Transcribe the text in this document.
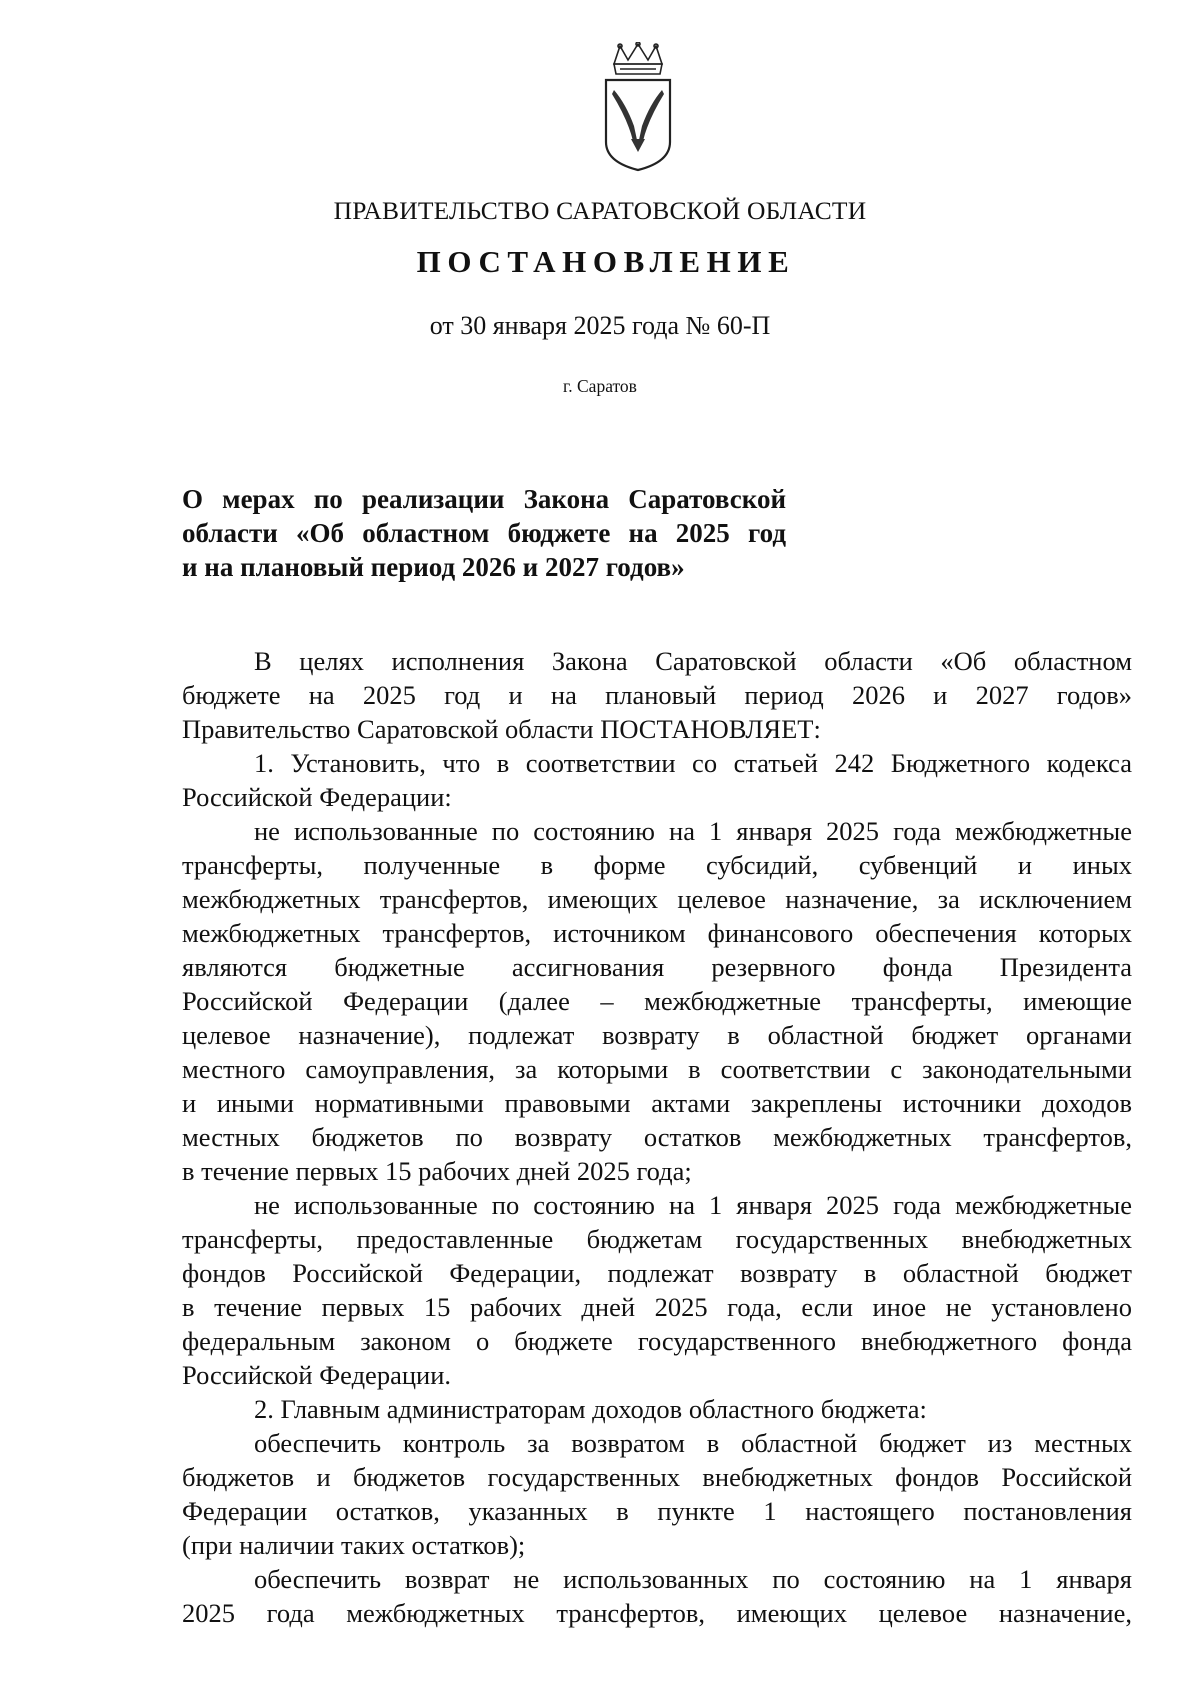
ПРАВИТЕЛЬСТВО САРАТОВСКОЙ ОБЛАСТИ
ПОСТАНОВЛЕНИЕ
от 30 января 2025 года № 60-П
г. Саратов
О мерах по реализации Закона Саратовской
области «Об областном бюджете на 2025 год
и на плановый период 2026 и 2027 годов»
В целях исполнения Закона Саратовской области «Об областном
бюджете на 2025 год и на плановый период 2026 и 2027 годов»
Правительство Саратовской области ПОСТАНОВЛЯЕТ:
1. Установить, что в соответствии со статьей 242 Бюджетного кодекса
Российской Федерации:
не использованные по состоянию на 1 января 2025 года межбюджетные
трансферты, полученные в форме субсидий, субвенций и иных
межбюджетных трансфертов, имеющих целевое назначение, за исключением
межбюджетных трансфертов, источником финансового обеспечения которых
являются бюджетные ассигнования резервного фонда Президента
Российской Федерации (далее – межбюджетные трансферты, имеющие
целевое назначение), подлежат возврату в областной бюджет органами
местного самоуправления, за которыми в соответствии с законодательными
и иными нормативными правовыми актами закреплены источники доходов
местных бюджетов по возврату остатков межбюджетных трансфертов,
в течение первых 15 рабочих дней 2025 года;
не использованные по состоянию на 1 января 2025 года межбюджетные
трансферты, предоставленные бюджетам государственных внебюджетных
фондов Российской Федерации, подлежат возврату в областной бюджет
в течение первых 15 рабочих дней 2025 года, если иное не установлено
федеральным законом о бюджете государственного внебюджетного фонда
Российской Федерации.
2. Главным администраторам доходов областного бюджета:
обеспечить контроль за возвратом в областной бюджет из местных
бюджетов и бюджетов государственных внебюджетных фондов Российской
Федерации остатков, указанных в пункте 1 настоящего постановления
(при наличии таких остатков);
обеспечить возврат не использованных по состоянию на 1 января
2025 года межбюджетных трансфертов, имеющих целевое назначение,
